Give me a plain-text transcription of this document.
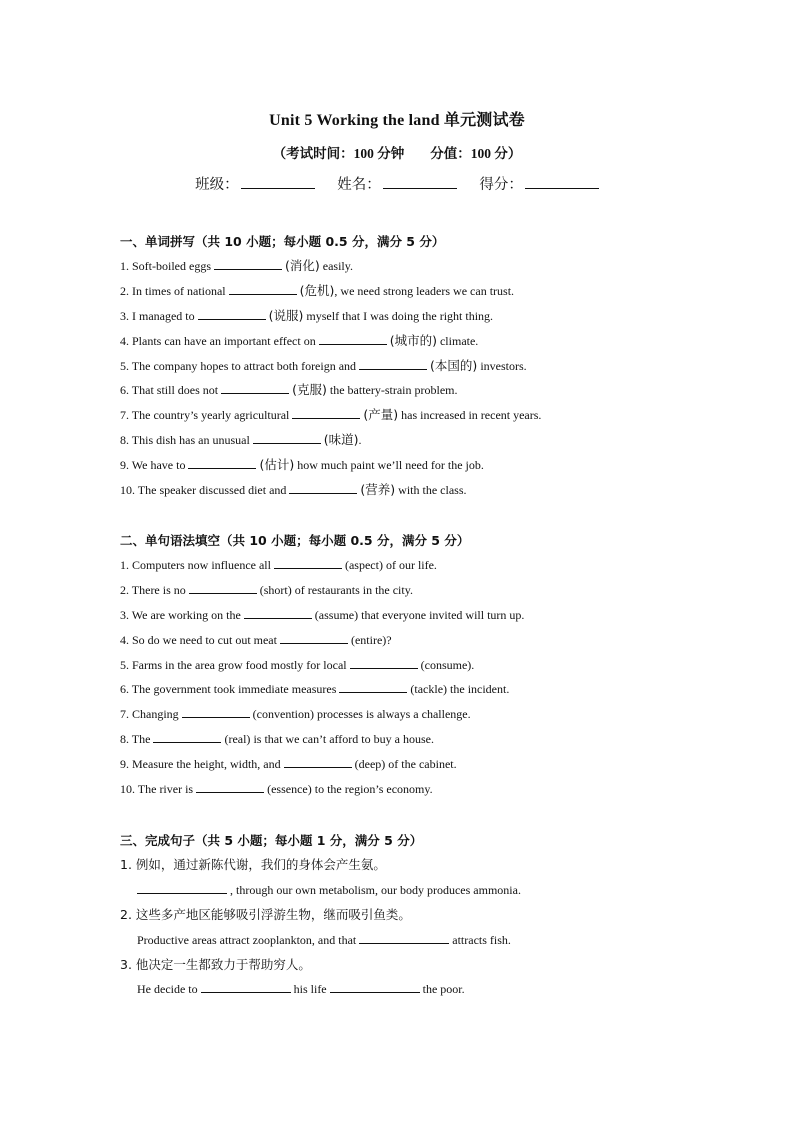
Unit 5 Working the land 单元测试卷
（考试时间：100 分钟 分值：100 分）
班级：	姓名：	得分：
一、单词拼写（共 10 小题；每小题 0.5 分，满分 5 分）
1. Soft-boiled eggs	(消化) easily.
2. In times of national	(危机), we need strong leaders we can trust.
3. I managed to	(说服) myself that I was doing the right thing.
4. Plants can have an important effect on	(城市的) climate.
5. The company hopes to attract both foreign and	(本国的) investors.
6. That still does not	(克服) the battery-strain problem.
7. The country’s yearly agricultural	(产量) has increased in recent years.
8. This dish has an unusual	(味道).
9. We have to	(估计) how much paint we’ll need for the job.
10. The speaker discussed diet and	(营养) with the class.
二、单句语法填空（共 10 小题；每小题 0.5 分，满分 5 分）
1. Computers now influence all	(aspect) of our life.
2. There is no	(short) of restaurants in the city.
3. We are working on the	(assume) that everyone invited will turn up.
4. So do we need to cut out meat	(entire)?
5. Farms in the area grow food mostly for local	(consume).
6. The government took immediate measures	(tackle) the incident.
7. Changing	(convention) processes is always a challenge.
8. The	(real) is that we can’t afford to buy a house.
9. Measure the height, width, and	(deep) of the cabinet.
10. The river is	(essence) to the region’s economy.
三、完成句子（共 5 小题；每小题 1 分，满分 5 分）
1. 例如，通过新陈代谢，我们的身体会产生氨。
, through our own metabolism, our body produces ammonia.
2. 这些多产地区能够吸引浮游生物，继而吸引鱼类。
Productive areas attract zooplankton, and that	attracts fish.
3. 他决定一生都致力于帮助穷人。
He decide to	his life	the poor.
